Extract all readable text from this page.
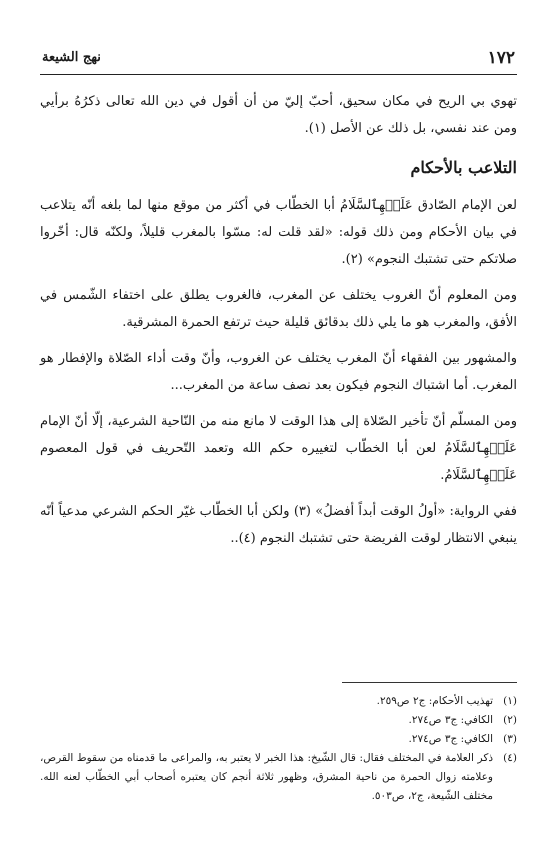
١٧٢
نهج الشيعة

تهوي بي الريح في مكان سحيق، أحبّ إليّ من أن أقول في دين الله تعالى ذكرُهُ برأيي ومن عند نفسي، بل ذلك عن الأصل (١).

التلاعب بالأحكام

لعن الإمام الصّادق عَلَيۡهِٱلسَّلَامُ أبا الخطّاب في أكثر من موقع منها لما بلغه أنّه يتلاعب في بيان الأحكام ومن ذلك قوله: «لقد قلت له: مسّوا بالمغرب قليلاً، ولكنّه قال: أخّروا صلاتكم حتى تشتبك النجوم» (٢).

ومن المعلوم أنّ الغروب يختلف عن المغرب، فالغروب يطلق على اختفاء الشّمس في الأفق، والمغرب هو ما يلي ذلك بدقائق قليلة حيث ترتفع الحمرة المشرقية.

والمشهور بين الفقهاء أنّ المغرب يختلف عن الغروب، وأنّ وقت أداء الصّلاة والإفطار هو المغرب. أما اشتباك النجوم فيكون بعد نصف ساعة من المغرب...

ومن المسلّم أنّ تأخير الصّلاة إلى هذا الوقت لا مانع منه من النّاحية الشرعية، إلّا أنّ الإمام عَلَيۡهِٱلسَّلَامُ لعن أبا الخطّاب لتغييره حكم الله وتعمد التّحريف في قول المعصوم عَلَيۡهِٱلسَّلَامُ.

ففي الرواية: «أولُ الوقت أبداً أفضلُ» (٣) ولكن أبا الخطّاب غيّر الحكم الشرعي مدعياً أنّه ينبغي الانتظار لوقت الفريضة حتى تشتبك النجوم (٤)..

(١)
تهذيب الأحكام: ج٢ ص٢٥٩.
(٢)
الكافي: ج٣ ص٢٧٤.
(٣)
الكافي: ج٣ ص٢٧٤.
(٤)
ذكر العلامة في المختلف فقال: قال الشّيخ: هذا الخبر لا يعتبر به، والمراعى ما قدمناه من سقوط القرص، وعلامته زوال الحمرة من ناحية المشرق، وظهور ثلاثة أنجم كان يعتبره أصحاب أبي الخطّاب لعنه الله. مختلف الشّيعة، ج٢، ص٥٠٣.
